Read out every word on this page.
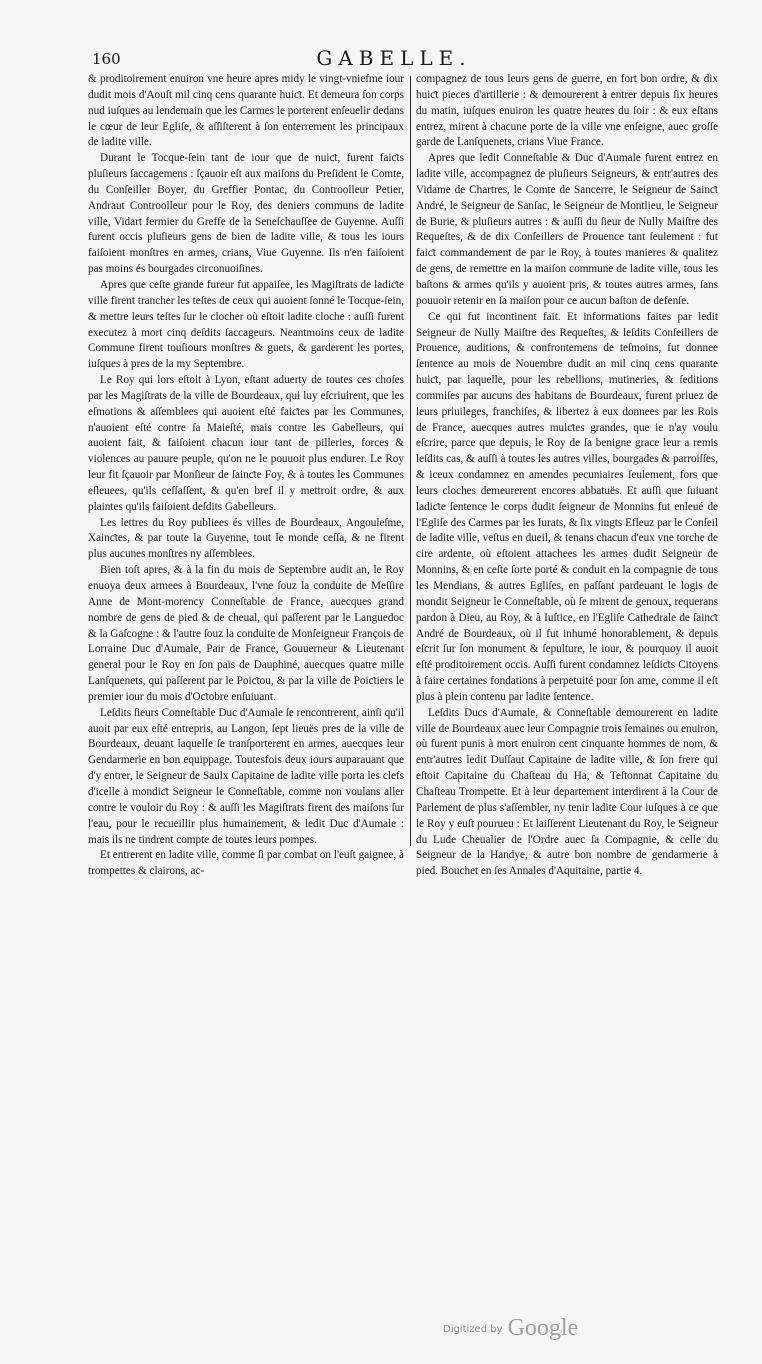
160	GABELLE.

& proditoirement enuiron vne heure apres midy le vingt-vniefme iour dudit mois d'Aouſt mil cinq cens quarante huiƈt. Et demeura ſon corps nud iuſques au lendemain que les Carmes le porterent enſeuelir dedans le cœur de leur Egliſe, & aſſiſterent à ſon enterrement les principaux de ladite ville.

Durant le Tocque-ſein tant de iour que de nuiƈt, furent faiƈts pluſieurs ſaccagemens : ſçauoir eſt aux maiſons du Preſident le Comte, du Conſeiller Boyer, du Greffier Pontac, du Controolleur Petier, Andraut Controolleur pour le Roy, des deniers communs de ladite ville, Vidart fermier du Greffe de la Seneſchauſſee de Guyenne. Auſſi furent occis pluſieurs gens de bien de ladite ville, & tous les iours faiſoient monſtres en armes, crians, Viue Guyenne. Ils n'en faiſoient pas moins és bourgades circonuoiſines.

Apres que ceſte grande fureur fut appaiſee, les Magiſtrats de ladiƈte ville firent trancher les teſtes de ceux qui auoient ſonné le Tocque-ſein, & mettre leurs teſtes ſur le clocher où eſtoit ladite cloche : auſſi furent executez à mort cinq deſdits ſaccageurs. Neantmoins ceux de ladite Commune firent touſiours monſtres & guets, & garderent les portes, iuſques à pres de la my Septembre.

Le Roy qui lors eſtoit à Lyon, eſtant aduerty de toutes ces choſes par les Magiſtrats de la ville de Bourdeaux, qui luy eſcriuirent, que les eſmotions & aſſemblees qui auoient eſté faiƈtes par les Communes, n'auoient eſté contre ſa Maieſté, mais contre les Gabelleurs, qui auoient fait, & faiſoient chacun iour tant de pilleries, forces & violences au pauure peuple, qu'on ne le pouuoit plus endurer. Le Roy leur fit ſçauoir par Monſieur de ſainƈte Foy, & à toutes les Communes eſleuees, qu'ils ceſſaſſent, & qu'en bref il y mettroit ordre, & aux plaintes qu'ils faiſoient deſdits Gabelleurs.

Les lettres du Roy publiees és villes de Bourdeaux, Angouleſme, Xainƈtes, & par toute la Guyenne, tout le monde ceſſa, & ne firent plus aucunes monſtres ny aſſemblees.

Bien toſt apres, & à la fin du mois de Septembre audit an, le Roy enuoya deux armees à Bourdeaux, l'vne ſouz la conduite de Meſſire Anne de Mont-morency Conneſtable de France, auecques grand nombre de gens de pied & de cheual, qui paſſerent par le Languedoc & la Gaſcogne : & l'autre ſouz la conduite de Monſeigneur François de Lorraine Duc d'Aumale, Pair de France, Gouuerneur & Lieutenant general pour le Roy en ſon païs de Dauphiné, auecques quatre mille Lanſquenets, qui paſſerent par le Poiƈtou, & par la ville de Poiƈtiers le premier iour du mois d'Oƈtobre enſuiuant.

Leſdits ſieurs Conneſtable Duc d'Aumale ſe rencontrerent, ainſi qu'il auoit par eux eſté entrepris, au Langon, ſept lieuës pres de la ville de Bourdeaux, deuant laquelle ſe tranſporterent en armes, auecques leur Gendarmerie en bon equippage. Toutesfois deux iours auparauant que d'y entrer, le Seigneur de Saulx Capitaine de ladite ville porta les clefs d'icelle à mondiƈt Seigneur le Conneſtable, comme non voulans aller contre le vouloir du Roy : & auſſi les Magiſtrats firent des maiſons ſur l'eau, pour le recueillir plus humainement, & ledit Duc d'Aumale : mais ils ne tindrent compte de toutes leurs pompes.

Et entrerent en ladite ville, comme ſi par combat on l'euſt gaignee, à trompettes & clairons, ac-

compagnez de tous leurs gens de guerre, en fort bon ordre, & dix huiƈt pieces d'artillerie : & demourerent à entrer depuis ſix heures du matin, iuſques enuiron les quatre heures du ſoir : & eux eſtans entrez, mirent à chacune porte de la ville vne enſeigne, auec groſſe garde de Lanſquenets, crians Viue France.

Apres que ledit Conneſtable & Duc d'Aumale furent entrez en ladite ville, accompagnez de pluſieurs Seigneurs, & entr'autres des Vidame de Chartres, le Comte de Sancerre, le Seigneur de Sainƈt André, le Seigneur de Sanſac, le Seigneur de Montlieu, le Seigneur de Burie, & pluſieurs autres : & auſſi du ſieur de Nully Maiſtre des Requeſtes, & de dix Conſeillers de Prouence tant ſeulement : fut faiƈt commandement de par le Roy, à toutes manieres & qualitez de gens, de remettre en la maiſon commune de ladite ville, tous les baſtons & armes qu'ils y auoient pris, & toutes autres armes, ſans pouuoir retenir en ſa maiſon pour ce aucun baſton de defenſe.

Ce qui fut incontinent fait. Et informations faites par ledit Seigneur de Nully Maiſtre des Requeſtes, & leſdits Conſeillers de Prouence, auditions, & confrontemens de teſmoins, fut donnee ſentence au mois de Nouembre dudit an mil cinq cens quarante huiƈt, par laquelle, pour les rebellions, mutineries, & ſeditions commiſes par aucuns des habitans de Bourdeaux, furent priuez de leurs priuileges, franchiſes, & libertez à eux donnees par les Rois de France, auecques autres mulƈtes grandes, que ie n'ay voulu eſcrire, parce que depuis, le Roy de ſa benigne grace leur a remis leſdits cas, & auſſi à toutes les autres villes, bourgades & parroiſſes, & iceux condamnez en amendes pecuniaires ſeulement, fors que leurs cloches demeurerent encores abbatuës. Et auſſi que ſuiuant ladiƈte ſentence le corps dudit ſeigneur de Monnins fut enleué de l'Egliſe des Carmes par les Iurats, & ſix vingts Efleuz par le Conſeil de ladite ville, veſtus en dueil, & tenans chacun d'eux vne torche de cire ardente, où eſtoient attachees les armes dudit Seigneur de Monnins, & en ceſte ſorte porté & conduit en la compagnie de tous les Mendians, & autres Egliſes, en paſſant pardeuant le logis de mondit Seigneur le Conneſtable, où ſe mirent de genoux, requerans pardon à Dieu, au Roy, & à Iuſtice, en l'Egliſe Cathedrale de ſainƈt André de Bourdeaux, où il fut inhumé honorablement, & depuis eſcrit ſur ſon monument & ſepulture, le iour, & pourquoy il auoit eſté proditoirement occis. Auſſi furent condamnez leſdiƈts Citoyens à faire certaines fondations à perpetuité pour ſon ame, comme il eſt plus à plein contenu par ladite ſentence.

Leſdits Ducs d'Aumale, & Conneſtable demourerent en ladite ville de Bourdeaux auec leur Compagnie trois ſemaines ou enuiron, où furent punis à mort enuiron cent cinquante hommes de nom, & entr'autres ledit Duſſaut Capitaine de ladite ville, & ſon frere qui eſtoit Capitaine du Chaſteau du Ha, & Teſtonnat Capitaine du Chaſteau Trompette. Et à leur departement interdirent à la Cour de Parlement de plus s'aſſembler, ny tenir ladite Cour iuſques à ce que le Roy y euſt pourueu : Et laiſſerent Lieutenant du Roy, le Seigneur du Lude Cheualier de l'Ordre auec ſa Compagnie, & celle du Seigneur de la Handye, & autre bon nombre de gendarmerie à pied. Bouchet en ſes Annales d'Aquitaine, partie 4.

Digitized by Google
